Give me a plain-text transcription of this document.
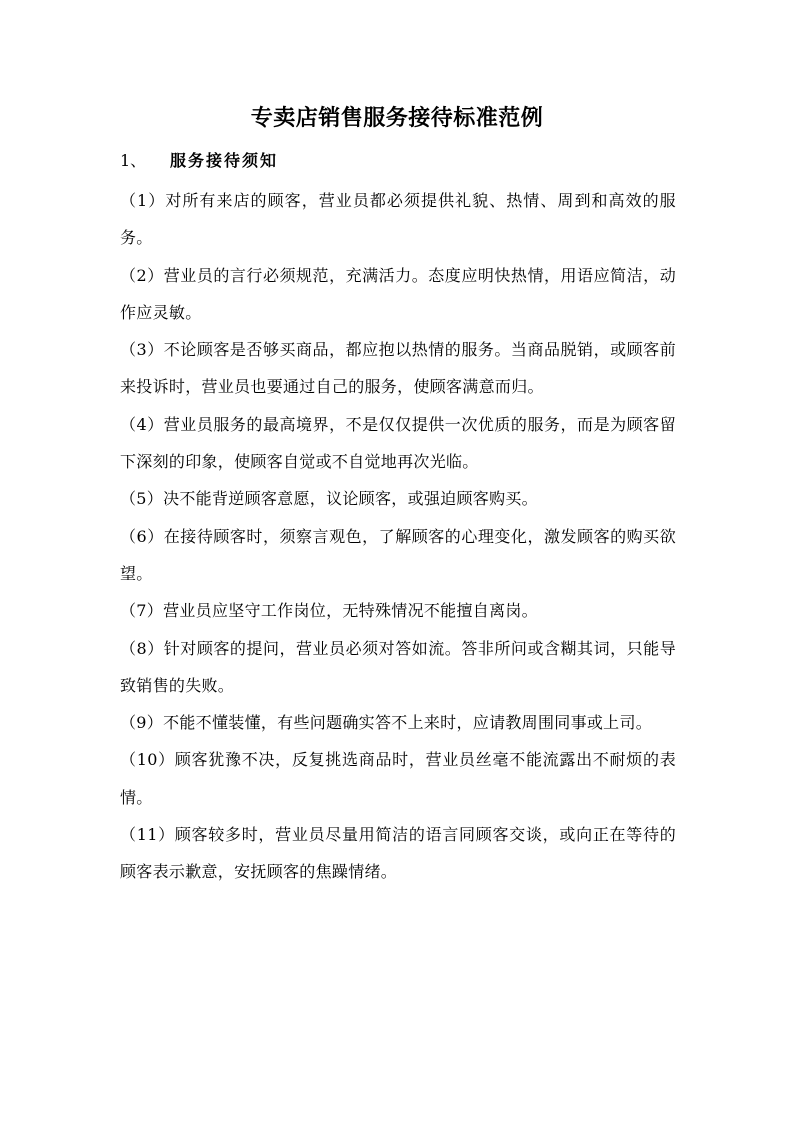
专卖店销售服务接待标准范例
1、 服务接待须知

（1）对所有来店的顾客，营业员都必须提供礼貌、热情、周到和高效的服务。

（2）营业员的言行必须规范，充满活力。态度应明快热情，用语应简洁，动作应灵敏。

（3）不论顾客是否够买商品，都应抱以热情的服务。当商品脱销，或顾客前来投诉时，营业员也要通过自己的服务，使顾客满意而归。

（4）营业员服务的最高境界，不是仅仅提供一次优质的服务，而是为顾客留下深刻的印象，使顾客自觉或不自觉地再次光临。

（5）决不能背逆顾客意愿，议论顾客，或强迫顾客购买。

（6）在接待顾客时，须察言观色，了解顾客的心理变化，激发顾客的购买欲望。

（7）营业员应坚守工作岗位，无特殊情况不能擅自离岗。

（8）针对顾客的提问，营业员必须对答如流。答非所问或含糊其词，只能导致销售的失败。

（9）不能不懂装懂，有些问题确实答不上来时，应请教周围同事或上司。

（10）顾客犹豫不决，反复挑选商品时，营业员丝毫不能流露出不耐烦的表情。

（11）顾客较多时，营业员尽量用简洁的语言同顾客交谈，或向正在等待的顾客表示歉意，安抚顾客的焦躁情绪。
